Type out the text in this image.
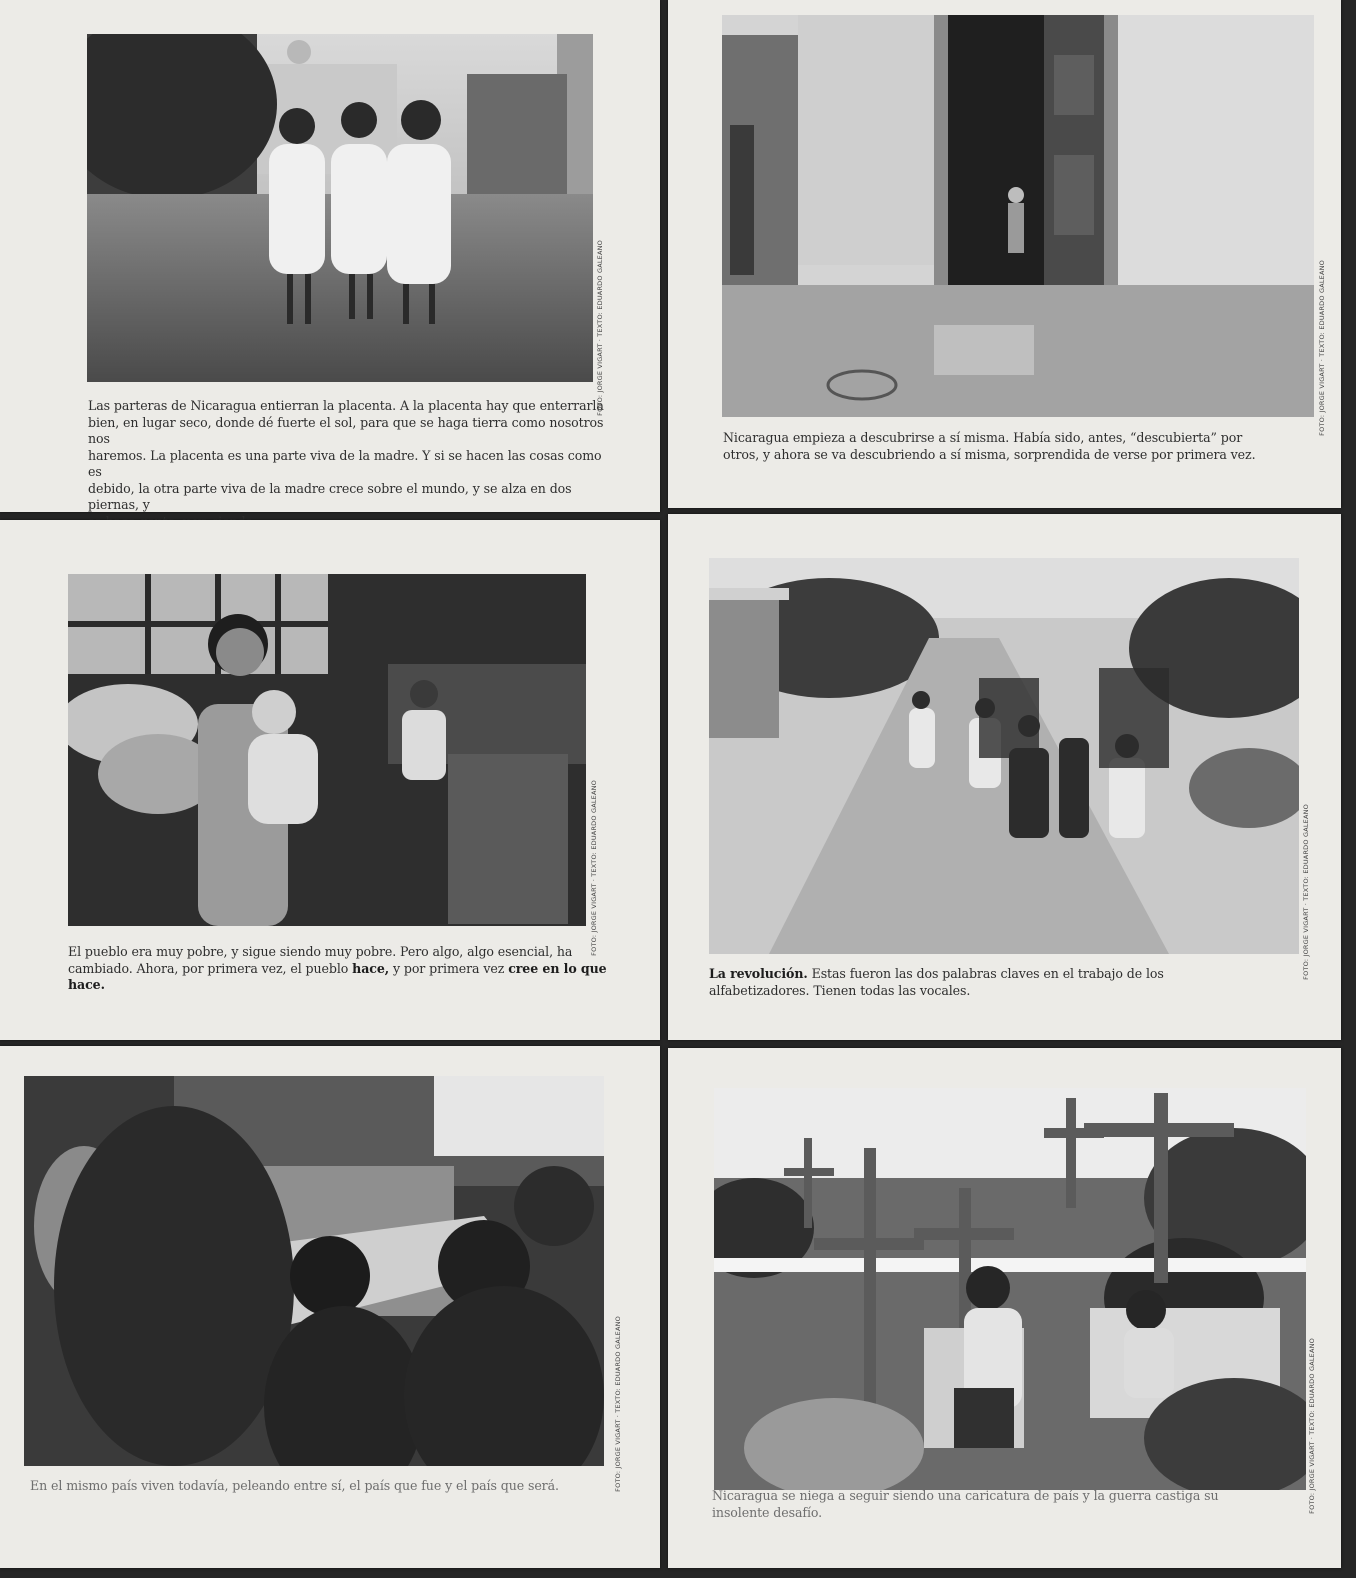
FOTO: JORGE VIGART · TEXTO: EDUARDO GALEANO
Las parteras de Nicaragua entierran la placenta. A la placenta hay que enterrarla
bien, en lugar seco, donde dé fuerte el sol, para que se haga tierra como nosotros nos
haremos. La placenta es una parte viva de la madre. Y si se hacen las cosas como es
debido, la otra parte viva de la madre crece sobre el mundo, y se alza en dos piernas, y
FOTO: JORGE VIGART · TEXTO: EDUARDO GALEANO
Nicaragua empieza a descubrirse a sí misma. Había sido, antes, “descubierta” por
otros, y ahora se va descubriendo a sí misma, sorprendida de verse por primera vez.
FOTO: JORGE VIGART · TEXTO: EDUARDO GALEANO
El pueblo era muy pobre, y sigue siendo muy pobre. Pero algo, algo esencial, ha
cambiado. Ahora, por primera vez, el pueblo hace, y por primera vez cree en lo que
hace.
FOTO: JORGE VIGART · TEXTO: EDUARDO GALEANO
La revolución. Estas fueron las dos palabras claves en el trabajo de los
alfabetizadores. Tienen todas las vocales.
FOTO: JORGE VIGART · TEXTO: EDUARDO GALEANO
En el mismo país viven todavía, peleando entre sí, el país que fue y el país que será.	FOTO: JORGE VIGART · TEXTO: EDUARDO GALEANO
Nicaragua se niega a seguir siendo una caricatura de país y la guerra castiga su
insolente desafío.
